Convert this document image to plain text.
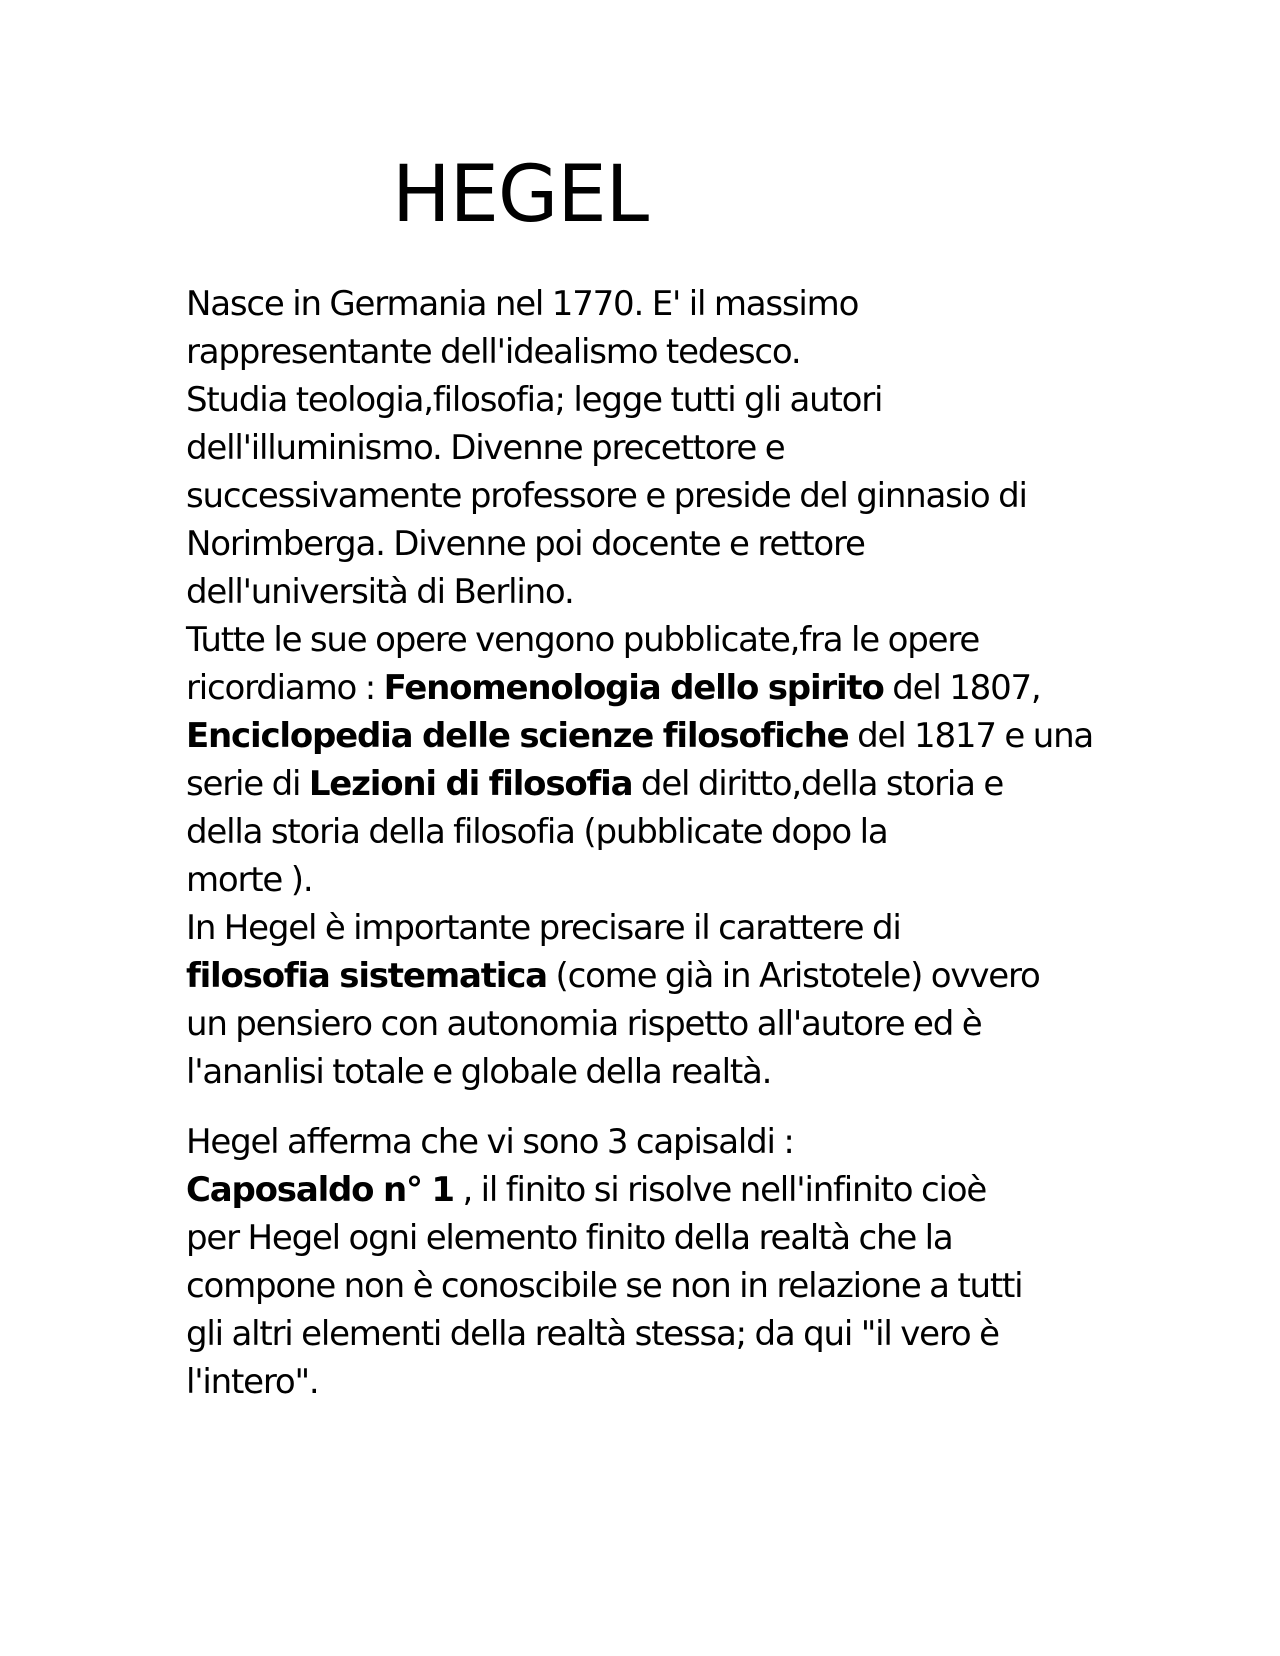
HEGEL
Nasce in Germania nel 1770. E' il massimo
rappresentante dell'idealismo tedesco.
Studia teologia,filosofia; legge tutti gli autori
dell'illuminismo. Divenne precettore e
successivamente professore e preside del ginnasio di
Norimberga. Divenne poi docente e rettore
dell'università di Berlino.
Tutte le sue opere vengono pubblicate,fra le opere
ricordiamo : Fenomenologia dello spirito del 1807,
Enciclopedia delle scienze filosofiche del 1817 e una
serie di Lezioni di filosofia del diritto,della storia e
della storia della filosofia (pubblicate dopo la
morte ).
In Hegel è importante precisare il carattere di
filosofia sistematica (come già in Aristotele) ovvero
un pensiero con autonomia rispetto all'autore ed è
l'ananlisi totale e globale della realtà.
Hegel afferma che vi sono 3 capisaldi :
Caposaldo n° 1 , il finito si risolve nell'infinito cioè
per Hegel ogni elemento finito della realtà che la
compone non è conoscibile se non in relazione a tutti
gli altri elementi della realtà stessa; da qui "il vero è
l'intero".
